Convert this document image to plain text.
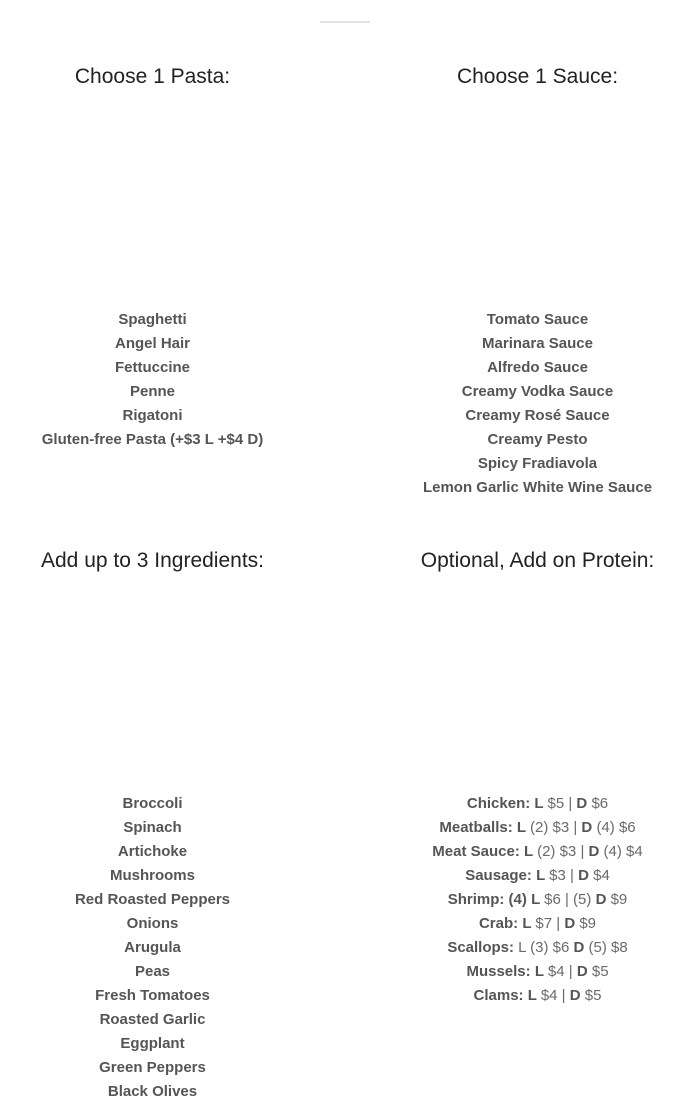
Choose 1 Pasta:
Spaghetti
Angel Hair
Fettuccine
Penne
Rigatoni
Gluten-free Pasta (+$3 L +$4 D)
Choose 1 Sauce:
Tomato Sauce
Marinara Sauce
Alfredo Sauce
Creamy Vodka Sauce
Creamy Rosé Sauce
Creamy Pesto
Spicy Fradiavola
Lemon Garlic White Wine Sauce
Add up to 3 Ingredients:
Broccoli
Spinach
Artichoke
Mushrooms
Red Roasted Peppers
Onions
Arugula
Peas
Fresh Tomatoes
Roasted Garlic
Eggplant
Green Peppers
Black Olives
Optional, Add on Protein:
Chicken: L $5 | D $6
Meatballs: L (2) $3 | D (4) $6
Meat Sauce: L (2) $3 | D (4) $4
Sausage: L $3 | D $4
Shrimp: (4) L $6 | (5) D $9
Crab: L $7 | D $9
Scallops: L (3) $6 D (5) $8
Mussels: L $4 | D $5
Clams: L $4 | D $5
